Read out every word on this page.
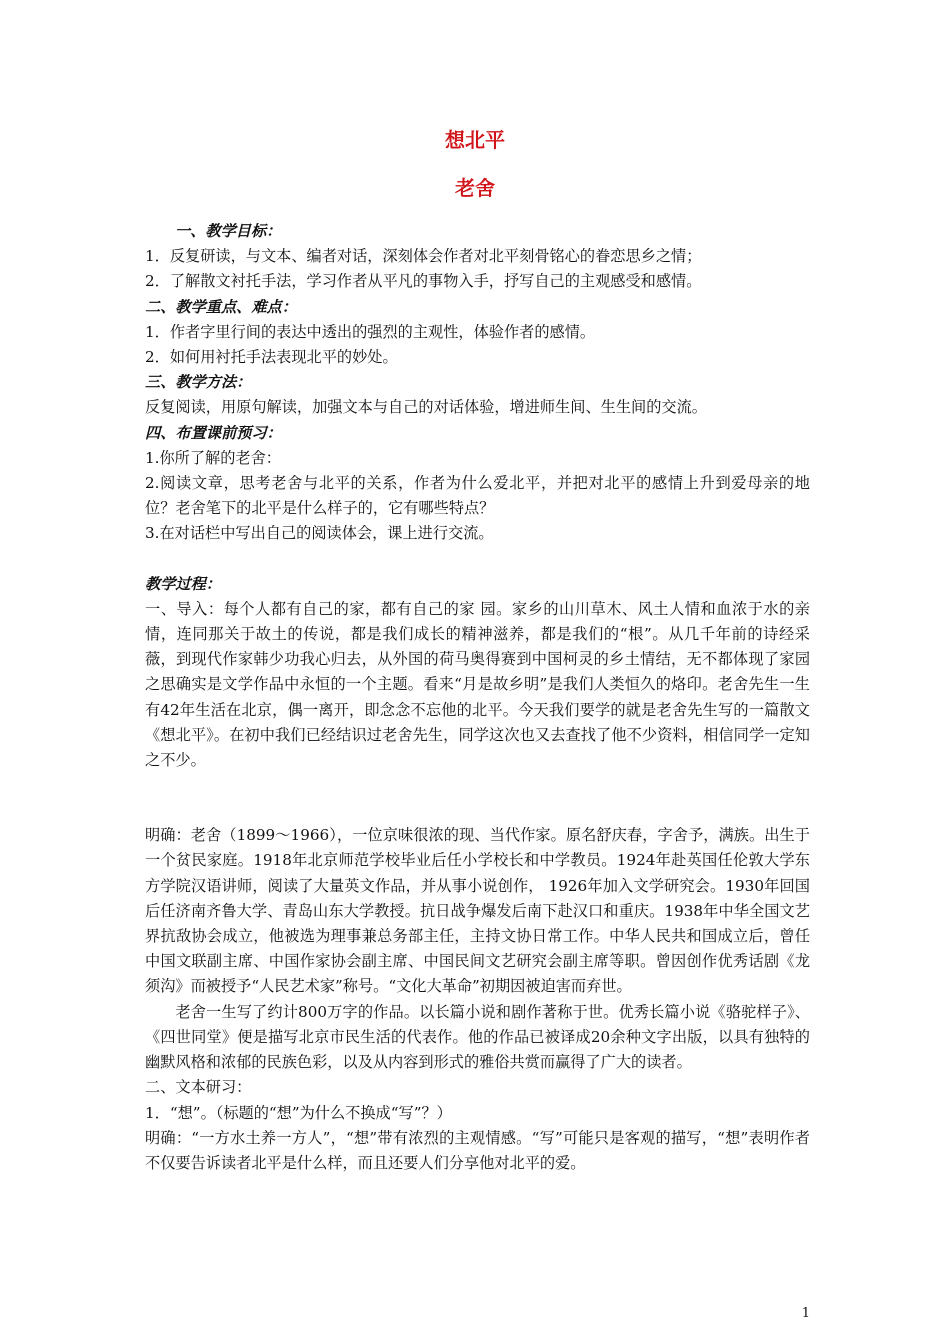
想北平
老舍

一、教学目标：

1．反复研读，与文本、编者对话，深刻体会作者对北平刻骨铭心的眷恋思乡之情；

2．了解散文衬托手法，学习作者从平凡的事物入手，抒写自己的主观感受和感情。

二、教学重点、难点：

1．作者字里行间的表达中透出的强烈的主观性，体验作者的感情。

2．如何用衬托手法表现北平的妙处。

三、教学方法：

反复阅读，用原句解读，加强文本与自己的对话体验，增进师生间、生生间的交流。

四、布置课前预习：

1.你所了解的老舍：

2.阅读文章，思考老舍与北平的关系，作者为什么爱北平，并把对北平的感情上升到爱母亲的地位？老舍笔下的北平是什么样子的，它有哪些特点？

3.在对话栏中写出自己的阅读体会，课上进行交流。

教学过程：

一、导入：每个人都有自己的家，都有自己的家 园。家乡的山川草木、风土人情和血浓于水的亲情，连同那关于故土的传说，都是我们成长的精神滋养，都是我们的“根”。从几千年前的诗经采薇，到现代作家韩少功我心归去，从外国的荷马奥得赛到中国柯灵的乡土情结，无不都体现了家园之思确实是文学作品中永恒的一个主题。看来“月是故乡明”是我们人类恒久的烙印。老舍先生一生有42年生活在北京，偶一离开，即念念不忘他的北平。今天我们要学的就是老舍先生写的一篇散文《想北平》。在初中我们已经结识过老舍先生，同学这次也又去查找了他不少资料，相信同学一定知之不少。

明确：老舍（1899～1966），一位京味很浓的现、当代作家。原名舒庆春，字舍予，满族。出生于一个贫民家庭。1918年北京师范学校毕业后任小学校长和中学教员。1924年赴英国任伦敦大学东方学院汉语讲师，阅读了大量英文作品，并从事小说创作， 1926年加入文学研究会。1930年回国后任济南齐鲁大学、青岛山东大学教授。抗日战争爆发后南下赴汉口和重庆。1938年中华全国文艺界抗敌协会成立，他被选为理事兼总务部主任，主持文协日常工作。中华人民共和国成立后，曾任中国文联副主席、中国作家协会副主席、中国民间文艺研究会副主席等职。曾因创作优秀话剧《龙须沟》而被授予“人民艺术家”称号。“文化大革命”初期因被迫害而弃世。

老舍一生写了约计800万字的作品。以长篇小说和剧作著称于世。优秀长篇小说《骆驼样子》、《四世同堂》便是描写北京市民生活的代表作。他的作品已被译成20余种文字出版，以具有独特的幽默风格和浓郁的民族色彩，以及从内容到形式的雅俗共赏而赢得了广大的读者。

二、文本研习：

1．“想”。（标题的“想”为什么不换成“写”？）

明确：“一方水土养一方人”，“想”带有浓烈的主观情感。“写”可能只是客观的描写，“想”表明作者不仅要告诉读者北平是什么样，而且还要人们分享他对北平的爱。

1
